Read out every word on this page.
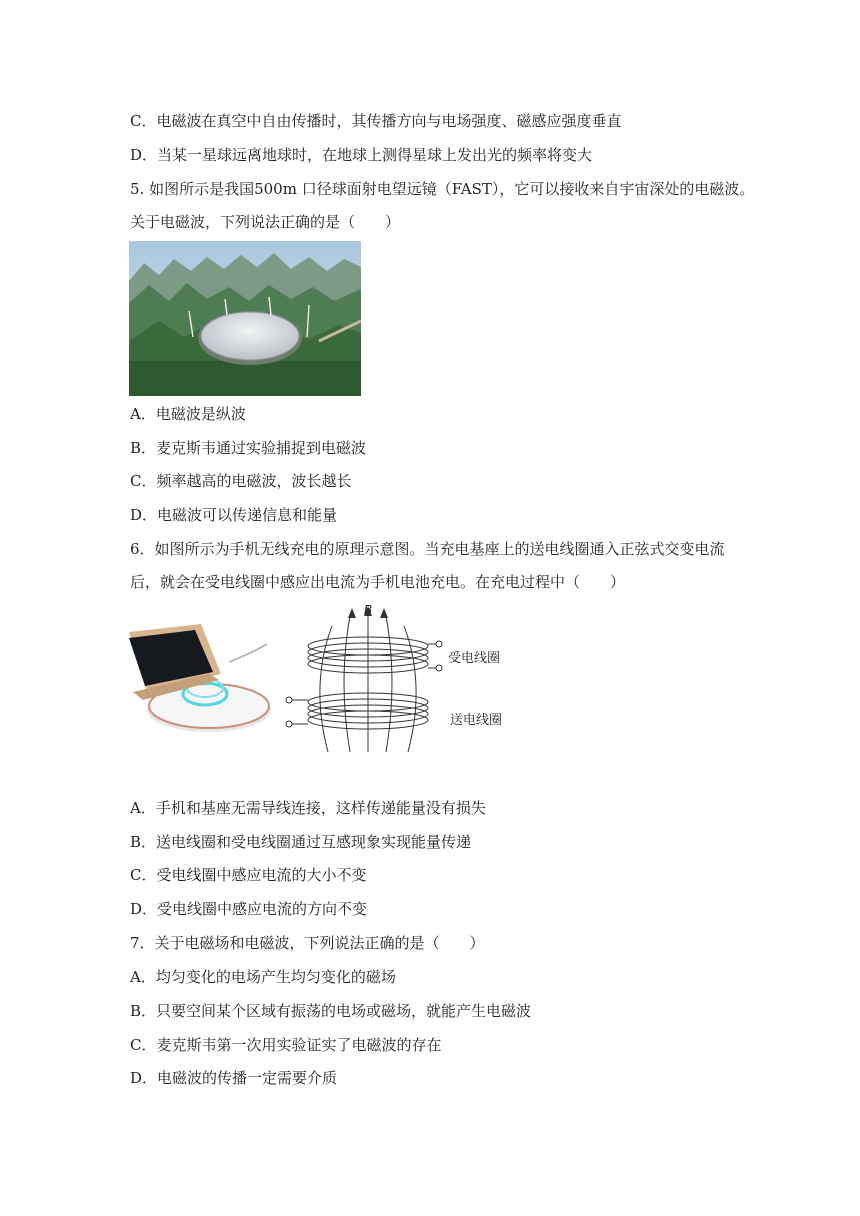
C．电磁波在真空中自由传播时，其传播方向与电场强度、磁感应强度垂直
D．当某一星球远离地球时，在地球上测得星球上发出光的频率将变大
5. 如图所示是我国500m 口径球面射电望远镜（FAST），它可以接收来自宇宙深处的电磁波。
关于电磁波，下列说法正确的是（　　）
A．电磁波是纵波
B．麦克斯韦通过实验捕捉到电磁波
C．频率越高的电磁波，波长越长
D．电磁波可以传递信息和能量
6．如图所示为手机无线充电的原理示意图。当充电基座上的送电线圈通入正弦式交变电流
后，就会在受电线圈中感应出电流为手机电池充电。在充电过程中（　　）
B
受电线圈
送电线圈
A．手机和基座无需导线连接，这样传递能量没有损失
B．送电线圈和受电线圈通过互感现象实现能量传递
C．受电线圈中感应电流的大小不变
D．受电线圈中感应电流的方向不变
7．关于电磁场和电磁波，下列说法正确的是（　　）
A．均匀变化的电场产生均匀变化的磁场
B．只要空间某个区域有振荡的电场或磁场，就能产生电磁波
C．麦克斯韦第一次用实验证实了电磁波的存在
D．电磁波的传播一定需要介质
